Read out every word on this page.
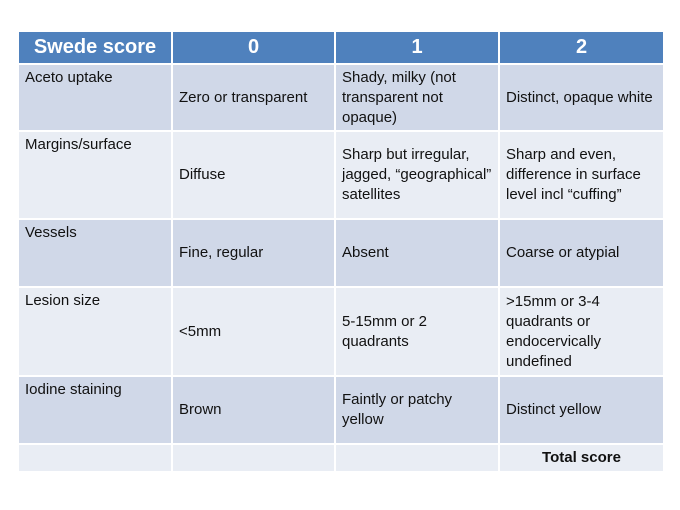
Swede score	0	1	2
Aceto uptake	Zero or transparent	Shady, milky (not transparent not opaque)	Distinct, opaque white
Margins/surface	Diffuse	Sharp but irregular, jagged, “geographical” satellites	Sharp and even, difference in surface level incl “cuffing”
Vessels	Fine, regular	Absent	Coarse or atypial
Lesion size	<5mm	5-15mm or 2 quadrants	>15mm or 3-4 quadrants or endocervically undefined
Iodine staining	Brown	Faintly or patchy yellow	Distinct yellow
			Total score
